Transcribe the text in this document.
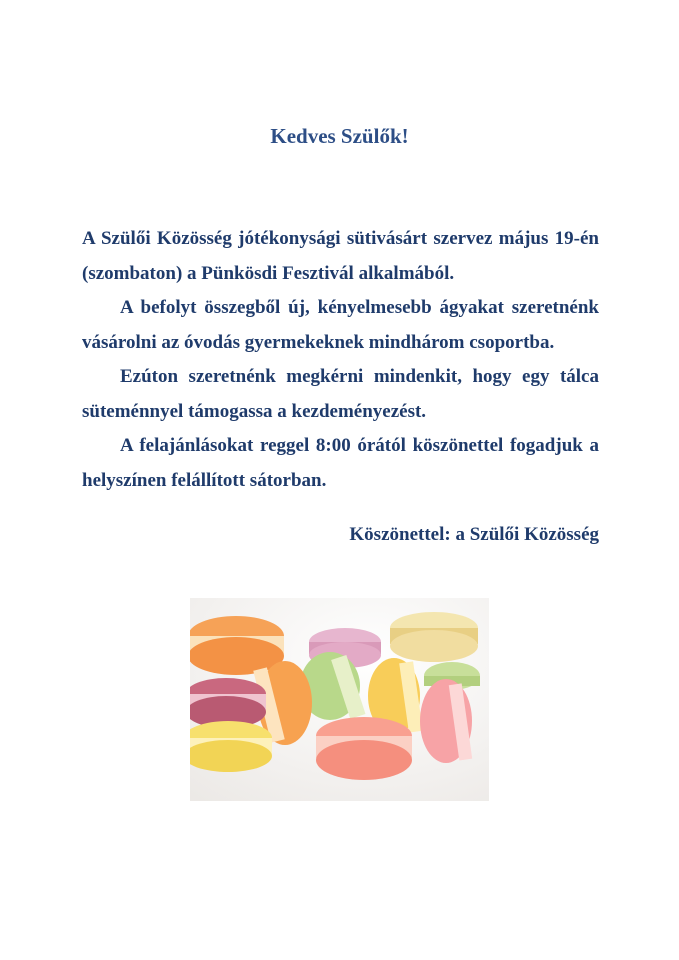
Kedves Szülők!

A Szülői Közösség jótékonysági sütivásárt szervez május 19-én (szombaton) a Pünkösdi Fesztivál alkalmából.

A befolyt összegből új, kényelmesebb ágyakat szeretnénk vásárolni az óvodás gyermekeknek mindhárom csoportba.

Ezúton szeretnénk megkérni mindenkit, hogy egy tálca süteménnyel támogassa a kezdeményezést.

A felajánlásokat reggel 8:00 órától köszönettel fogadjuk a helyszínen felállított sátorban.

Köszönettel: a Szülői Közösség
